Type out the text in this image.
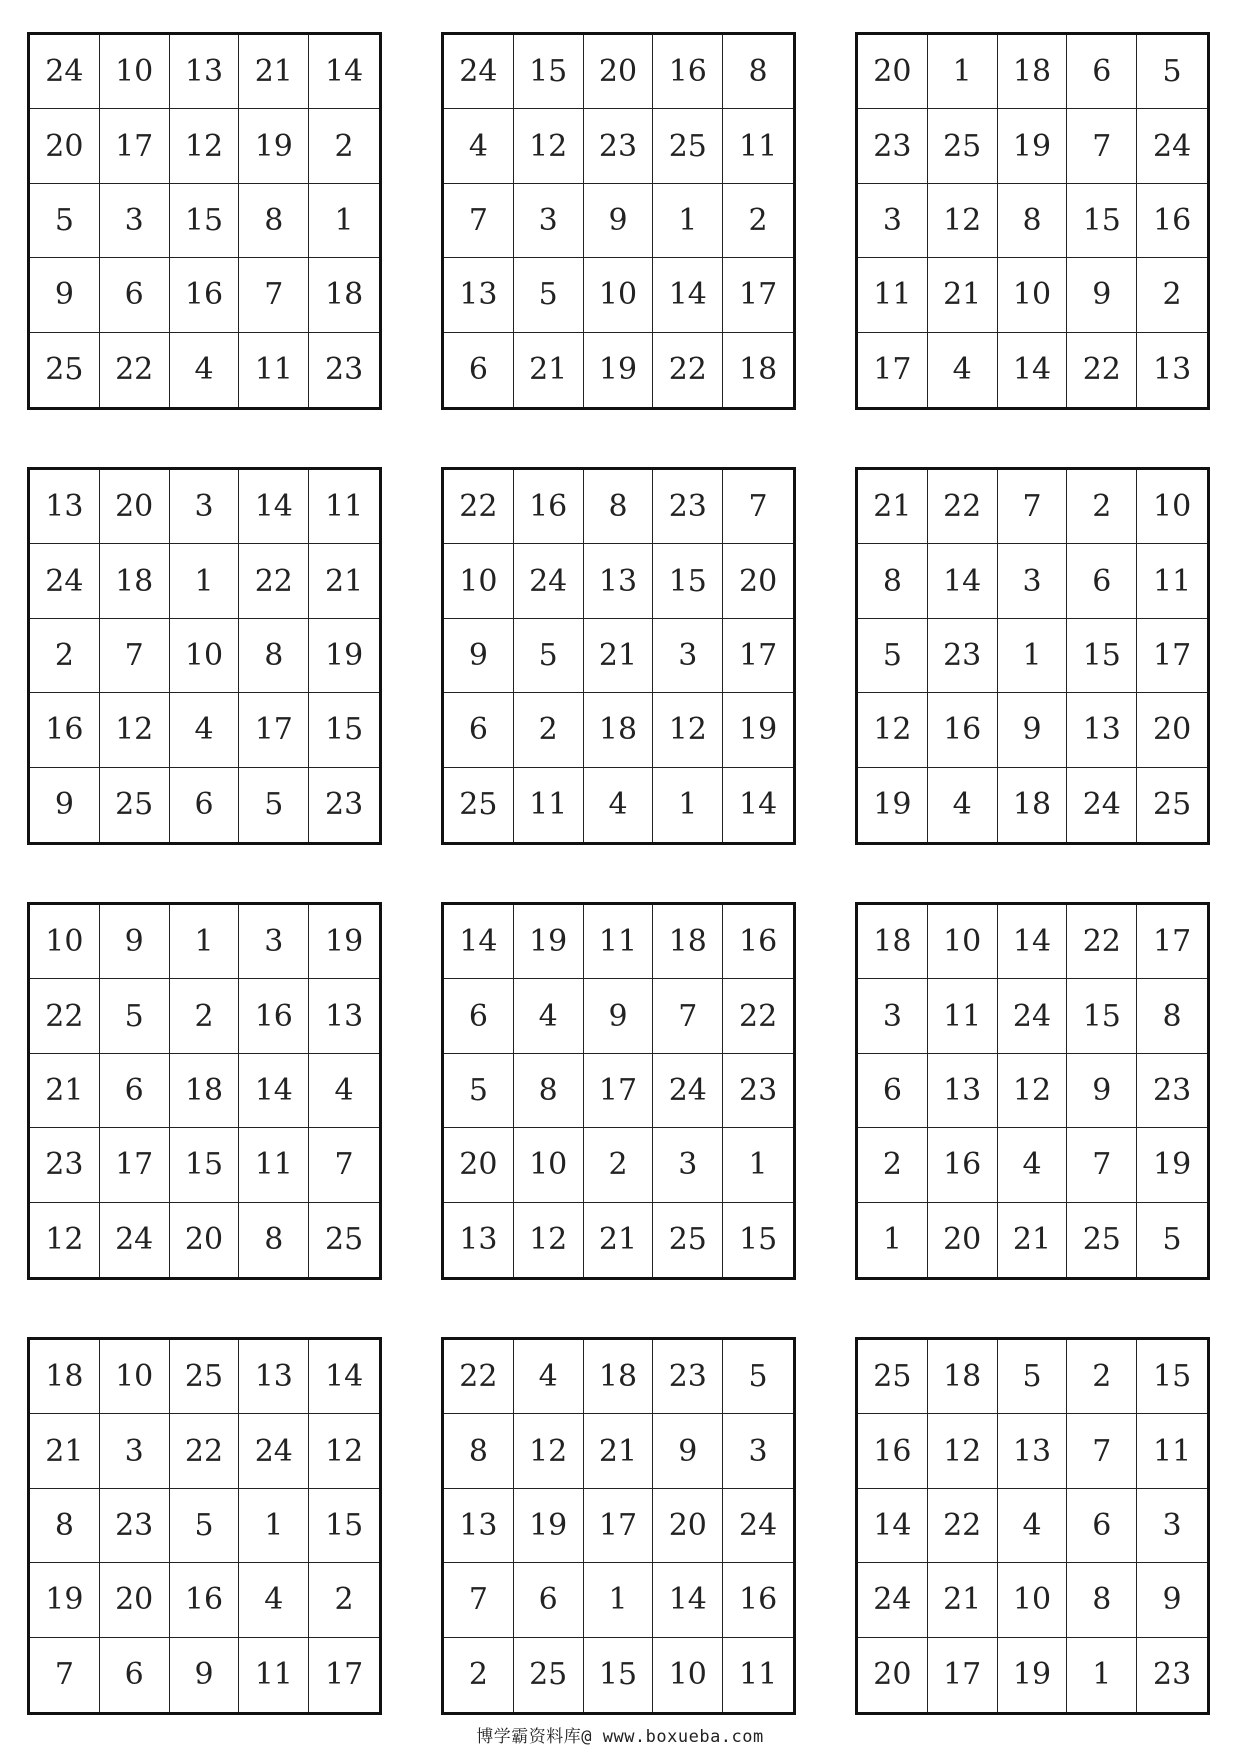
24	10	13	21	14
20	17	12	19	2
5	3	15	8	1
9	6	16	7	18
25	22	4	11	23
24	15	20	16	8
4	12	23	25	11
7	3	9	1	2
13	5	10	14	17
6	21	19	22	18
20	1	18	6	5
23	25	19	7	24
3	12	8	15	16
11	21	10	9	2
17	4	14	22	13
13	20	3	14	11
24	18	1	22	21
2	7	10	8	19
16	12	4	17	15
9	25	6	5	23
22	16	8	23	7
10	24	13	15	20
9	5	21	3	17
6	2	18	12	19
25	11	4	1	14
21	22	7	2	10
8	14	3	6	11
5	23	1	15	17
12	16	9	13	20
19	4	18	24	25
10	9	1	3	19
22	5	2	16	13
21	6	18	14	4
23	17	15	11	7
12	24	20	8	25
14	19	11	18	16
6	4	9	7	22
5	8	17	24	23
20	10	2	3	1
13	12	21	25	15
18	10	14	22	17
3	11	24	15	8
6	13	12	9	23
2	16	4	7	19
1	20	21	25	5
18	10	25	13	14
21	3	22	24	12
8	23	5	1	15
19	20	16	4	2
7	6	9	11	17
22	4	18	23	5
8	12	21	9	3
13	19	17	20	24
7	6	1	14	16
2	25	15	10	11
25	18	5	2	15
16	12	13	7	11
14	22	4	6	3
24	21	10	8	9
20	17	19	1	23
博学霸资料库@ www.boxueba.com
